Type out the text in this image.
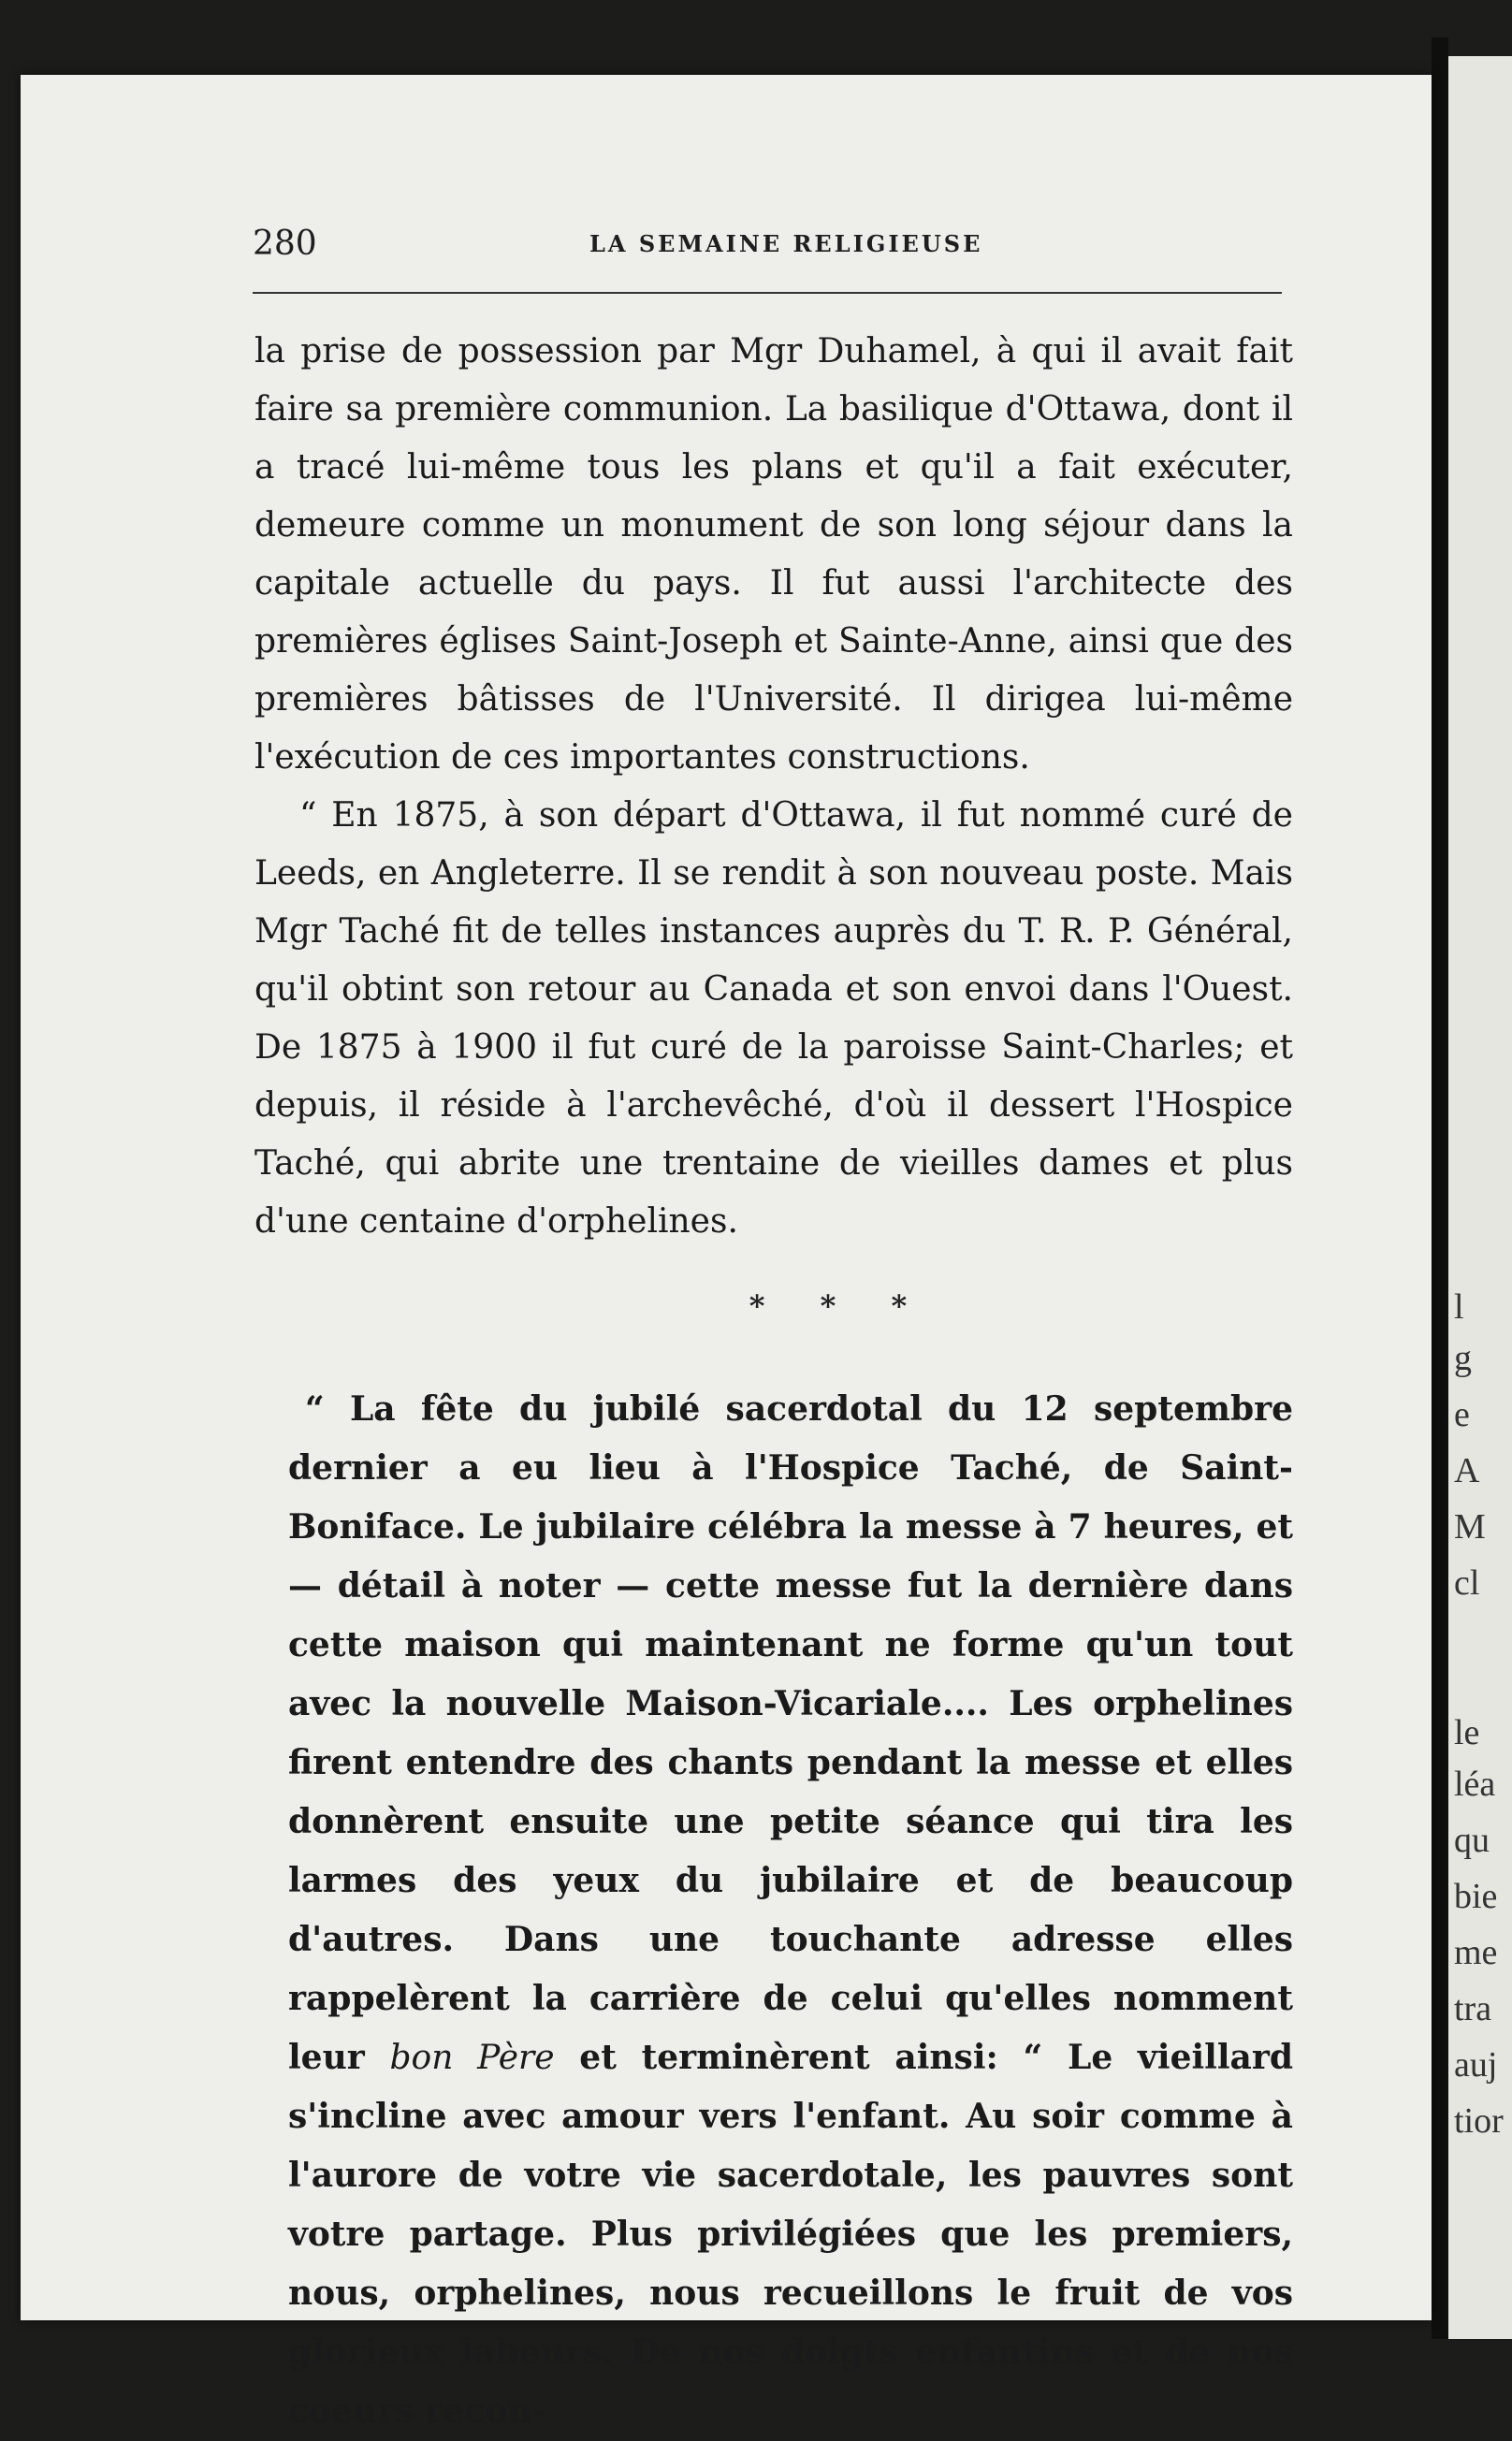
l
g
e
A
M
cl
le
léa
qu
bie
me
tra
auj
tior
280	LA SEMAINE RELIGIEUSE

la prise de possession par Mgr Duhamel, à qui il avait fait faire sa première communion. La basilique d'Ottawa, dont il a tracé lui-même tous les plans et qu'il a fait exécuter, demeure comme un monument de son long séjour dans la capitale actuelle du pays. Il fut aussi l'architecte des premières églises Saint-Joseph et Sainte-Anne, ainsi que des premières bâtisses de l'Université. Il dirigea lui-même l'exécution de ces importantes constructions.

“ En 1875, à son départ d'Ottawa, il fut nommé curé de Leeds, en Angleterre. Il se rendit à son nouveau poste. Mais Mgr Taché fit de telles instances auprès du T. R. P. Général, qu'il obtint son retour au Canada et son envoi dans l'Ouest. De 1875 à 1900 il fut curé de la paroisse Saint-Charles; et depuis, il réside à l'archevêché, d'où il dessert l'Hospice Taché, qui abrite une trentaine de vieilles dames et plus d'une centaine d'orphelines.

* * *

“ La fête du jubilé sacerdotal du 12 septembre dernier a eu lieu à l'Hospice Taché, de Saint-Boniface. Le jubilaire célébra la messe à 7 heures, et — détail à noter — cette messe fut la dernière dans cette maison qui maintenant ne forme qu'un tout avec la nouvelle Maison-Vicariale.... Les orphelines firent entendre des chants pendant la messe et elles donnèrent ensuite une petite séance qui tira les larmes des yeux du jubilaire et de beaucoup d'autres. Dans une touchante adresse elles rappelèrent la carrière de celui qu'elles nomment leur bon Père et terminèrent ainsi: “ Le vieillard s'incline avec amour vers l'enfant. Au soir comme à l'aurore de votre vie sacerdotale, les pauvres sont votre partage. Plus privilégiées que les premiers, nous, orphelines, nous recueillons le fruit de vos glorieux labeurs. De nos doigts enfantins et de nos coeurs recon-
